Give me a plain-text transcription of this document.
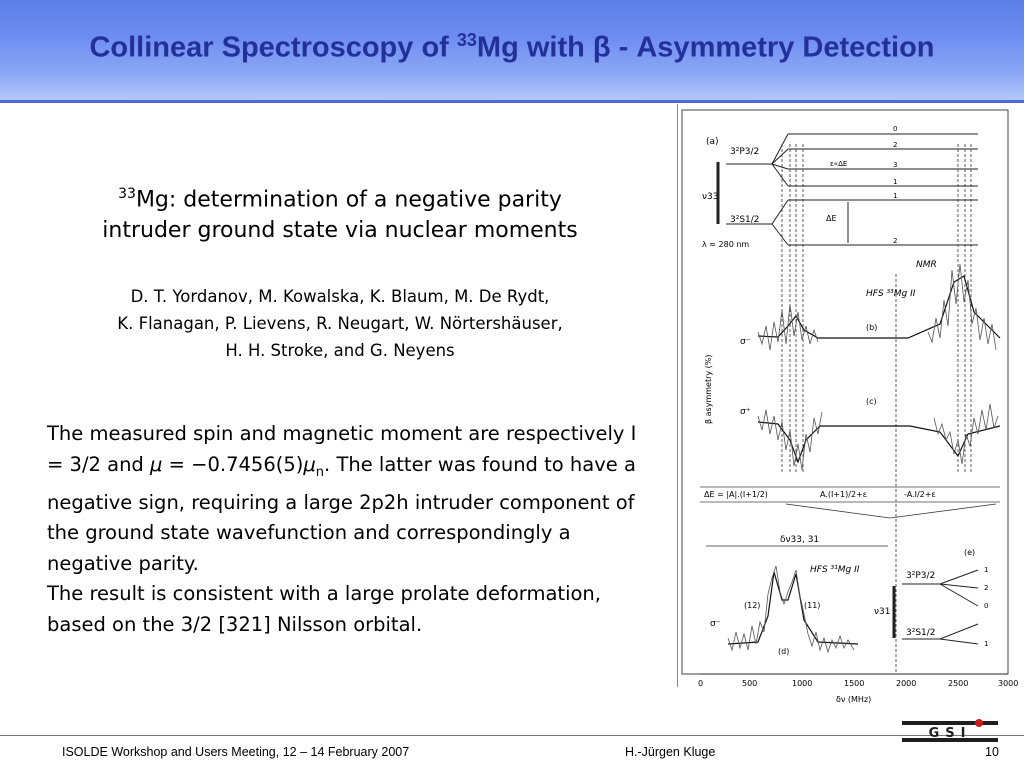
Collinear Spectroscopy of $^{33}$Mg with β - Asymmetry Detection
$^{33}$Mg: determination of a negative parity
intruder ground state via nuclear moments
D. T. Yordanov, M. Kowalska, K. Blaum, M. De Rydt,
K. Flanagan, P. Lievens, R. Neugart, W. Nörtershäuser,
H. H. Stroke, and G. Neyens
The measured spin and magnetic moment are respectively I = 3/2 and $\mu = -0.7456(5)\mu_n$. The latter was found to have a negative sign, requiring a large 2p2h intruder component of the ground state wavefunction and correspondingly a negative parity.
The result is consistent with a large prolate deformation, based on the 3/2 [321] Nilsson orbital.
(a)
3²P3/2
3²S1/2
ν33
λ ≈ 280 nm
ΔE
ε«ΔE
0
2
3
1
1
2
β asymmetry (%)
HFS ³³Mg II
NMR
(b)
σ⁻
(c)
σ⁺
ΔE = |A|.(I+1/2)	A.(I+1)/2+ε	-A.I/2+ε
δν33, 31
HFS ³¹Mg II
(12)	(11)
σ⁻
(d)
(e)
3²P3/2
3²S1/2
ν31
1
2
0
1
0	500	1000	1500	2000	2500	3000
δν (MHz)
ISOLDE Workshop and Users Meeting, 12 – 14 February 2007	H.-Jürgen Kluge	10
GSI
